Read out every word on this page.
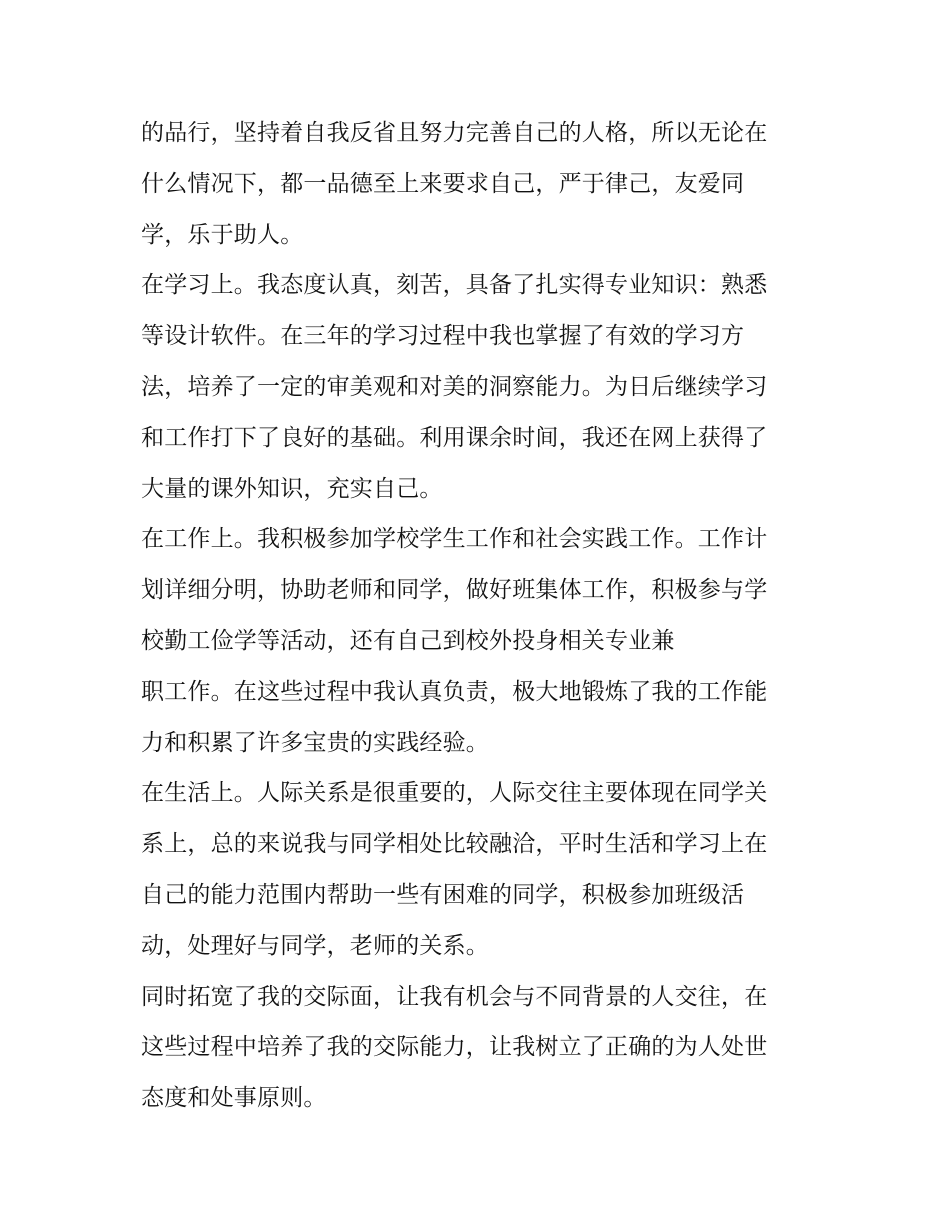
的品行，坚持着自我反省且努力完善自己的人格，所以无论在
什么情况下，都一品德至上来要求自己，严于律己，友爱同
学，乐于助人。
在学习上。我态度认真，刻苦，具备了扎实得专业知识：熟悉
等设计软件。在三年的学习过程中我也掌握了有效的学习方
法，培养了一定的审美观和对美的洞察能力。为日后继续学习
和工作打下了良好的基础。利用课余时间，我还在网上获得了
大量的课外知识，充实自己。
在工作上。我积极参加学校学生工作和社会实践工作。工作计
划详细分明，协助老师和同学，做好班集体工作，积极参与学
校勤工俭学等活动，还有自己到校外投身相关专业兼
职工作。在这些过程中我认真负责，极大地锻炼了我的工作能
力和积累了许多宝贵的实践经验。
在生活上。人际关系是很重要的，人际交往主要体现在同学关
系上，总的来说我与同学相处比较融洽，平时生活和学习上在
自己的能力范围内帮助一些有困难的同学，积极参加班级活
动，处理好与同学，老师的关系。
同时拓宽了我的交际面，让我有机会与不同背景的人交往，在
这些过程中培养了我的交际能力，让我树立了正确的为人处世
态度和处事原则。
